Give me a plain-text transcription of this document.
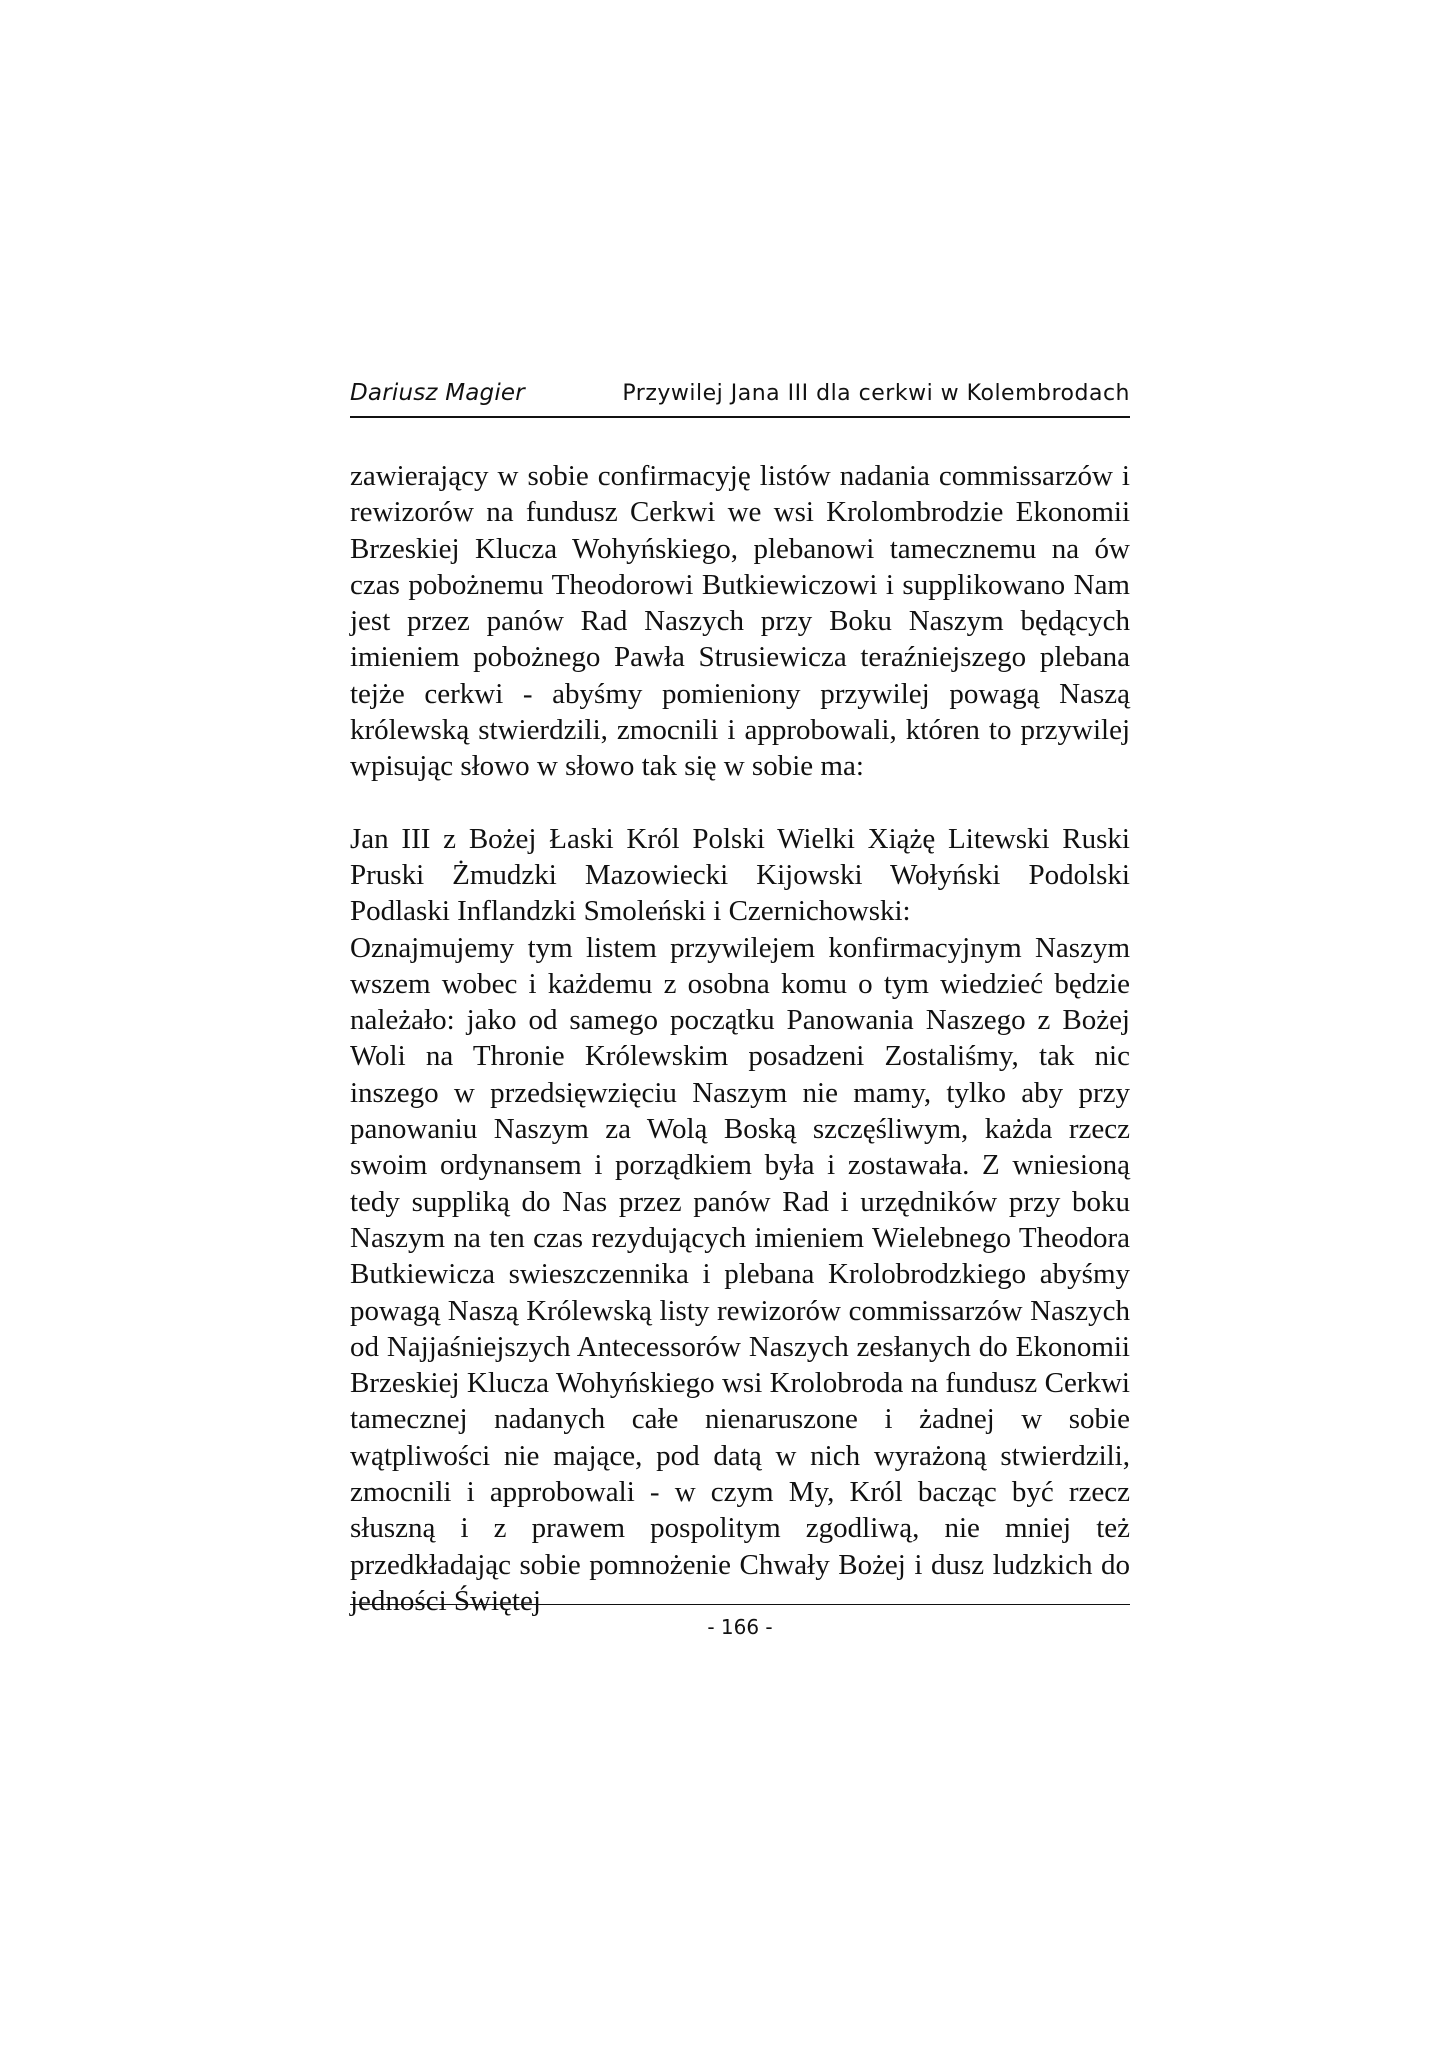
Dariusz Magier	Przywilej Jana III dla cerkwi w Kolembrodach

zawierający w sobie confirmacyję listów nadania commissarzów i rewizorów na fundusz Cerkwi we wsi Krolombrodzie Ekonomii Brzeskiej Klucza Wohyńskiego, plebanowi tamecznemu na ów czas pobożnemu Theodorowi Butkiewiczowi i supplikowano Nam jest przez panów Rad Naszych przy Boku Naszym będących imieniem pobożnego Pawła Strusiewicza teraźniejszego plebana tejże cerkwi - abyśmy pomieniony przywilej powagą Naszą królewską stwierdzili, zmocnili i approbowali, któren to przywilej wpisując słowo w słowo tak się w sobie ma:

Jan III z Bożej Łaski Król Polski Wielki Xiążę Litewski Ruski Pruski Żmudzki Mazowiecki Kijowski Wołyński Podolski Podlaski Inflandzki Smoleński i Czernichowski:

Oznajmujemy tym listem przywilejem konfirmacyjnym Naszym wszem wobec i każdemu z osobna komu o tym wiedzieć będzie należało: jako od samego początku Panowania Naszego z Bożej Woli na Thronie Królewskim posadzeni Zostaliśmy, tak nic inszego w przedsięwzięciu Naszym nie mamy, tylko aby przy panowaniu Naszym za Wolą Boską szczęśliwym, każda rzecz swoim ordynansem i porządkiem była i zostawała. Z wniesioną tedy suppliką do Nas przez panów Rad i urzędników przy boku Naszym na ten czas rezydujących imieniem Wielebnego Theodora Butkiewicza swieszczennika i plebana Krolobrodzkiego abyśmy powagą Naszą Królewską listy rewizorów commissarzów Naszych od Najjaśniejszych Antecessorów Naszych zesłanych do Ekonomii Brzeskiej Klucza Wohyńskiego wsi Krolobroda na fundusz Cerkwi tamecznej nadanych całe nienaruszone i żadnej w sobie wątpliwości nie mające, pod datą w nich wyrażoną stwierdzili, zmocnili i approbowali - w czym My, Król bacząc być rzecz słuszną i z prawem pospolitym zgodliwą, nie mniej też przedkładając sobie pomnożenie Chwały Bożej i dusz ludzkich do jedności Świętej

- 166 -
